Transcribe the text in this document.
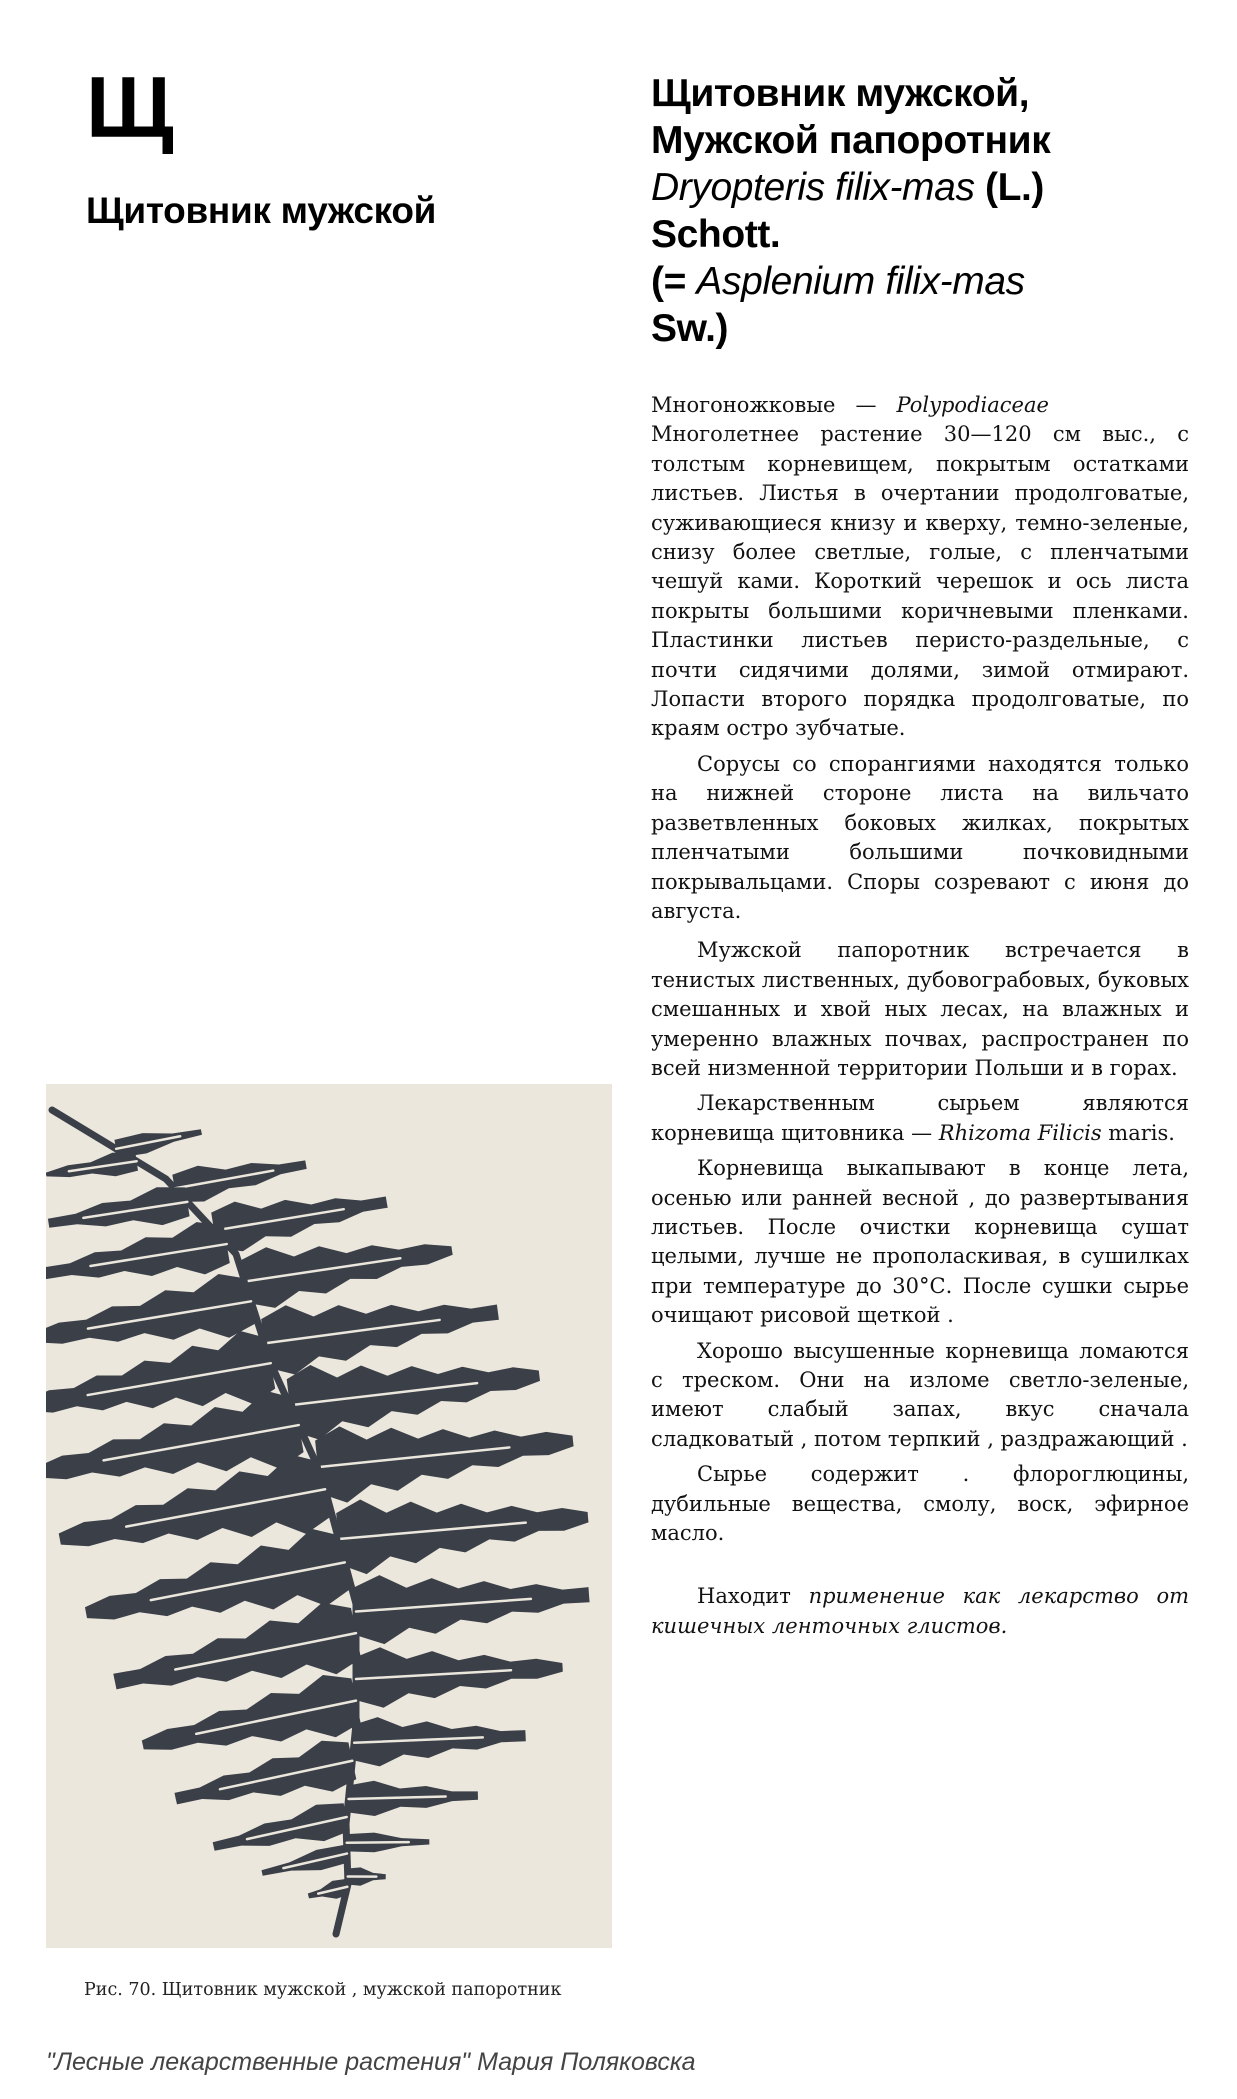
Щ
Щитовник мужской
Щитовник мужской,
Мужской папоротник
Dryopteris filix-mas (L.)
Schott.
(= Asplenium filix-mas
Sw.)

Многоножковые — Polypodiaceae

Многолетнее растение 30—120 см выс., с толстым корневищем, покрытым остатками листьев. Листья в очертании продолговатые, суживающиеся книзу и кверху, темно-зеленые, снизу более светлые, голые, с пленчатыми чешуй ками. Короткий черешок и ось листа покрыты большими коричневыми пленками. Пластинки листьев перисто-раздельные, с почти сидячими долями, зимой отмирают. Лопасти второго порядка продолговатые, по краям остро зубчатые.

Сорусы со спорангиями находятся только на нижней стороне листа на вильчато разветвленных боковых жилках, покрытых пленчатыми большими почковидными покрывальцами. Споры созревают с июня до августа.

Мужской папоротник встречается в тенистых лиственных, дубовограбовых, буковых смешанных и хвой ных лесах, на влажных и умеренно влажных почвах, распространен по всей низменной территории Польши и в горах.

Лекарственным сырьем являются корневища щитовника — Rhizoma Filicis maris.

Корневища выкапывают в конце лета, осенью или ранней весной , до развертывания листьев. После очистки корневища сушат целыми, лучше не прополаскивая, в сушилках при температуре до 30°С. После сушки сырье очищают рисовой щеткой .

Хорошо высушенные корневища ломаются с треском. Они на изломе светло-зеленые, имеют слабый запах, вкус сначала сладковатый , потом терпкий , раздражающий .

Сырье содержит . флороглюцины, дубильные вещества, смолу, воск, эфирное масло.

Находит применение как лекарство от кишечных ленточных глистов.

Рис. 70. Щитовник мужской , мужской папоротник
"Лесные лекарственные растения" Мария Поляковска
